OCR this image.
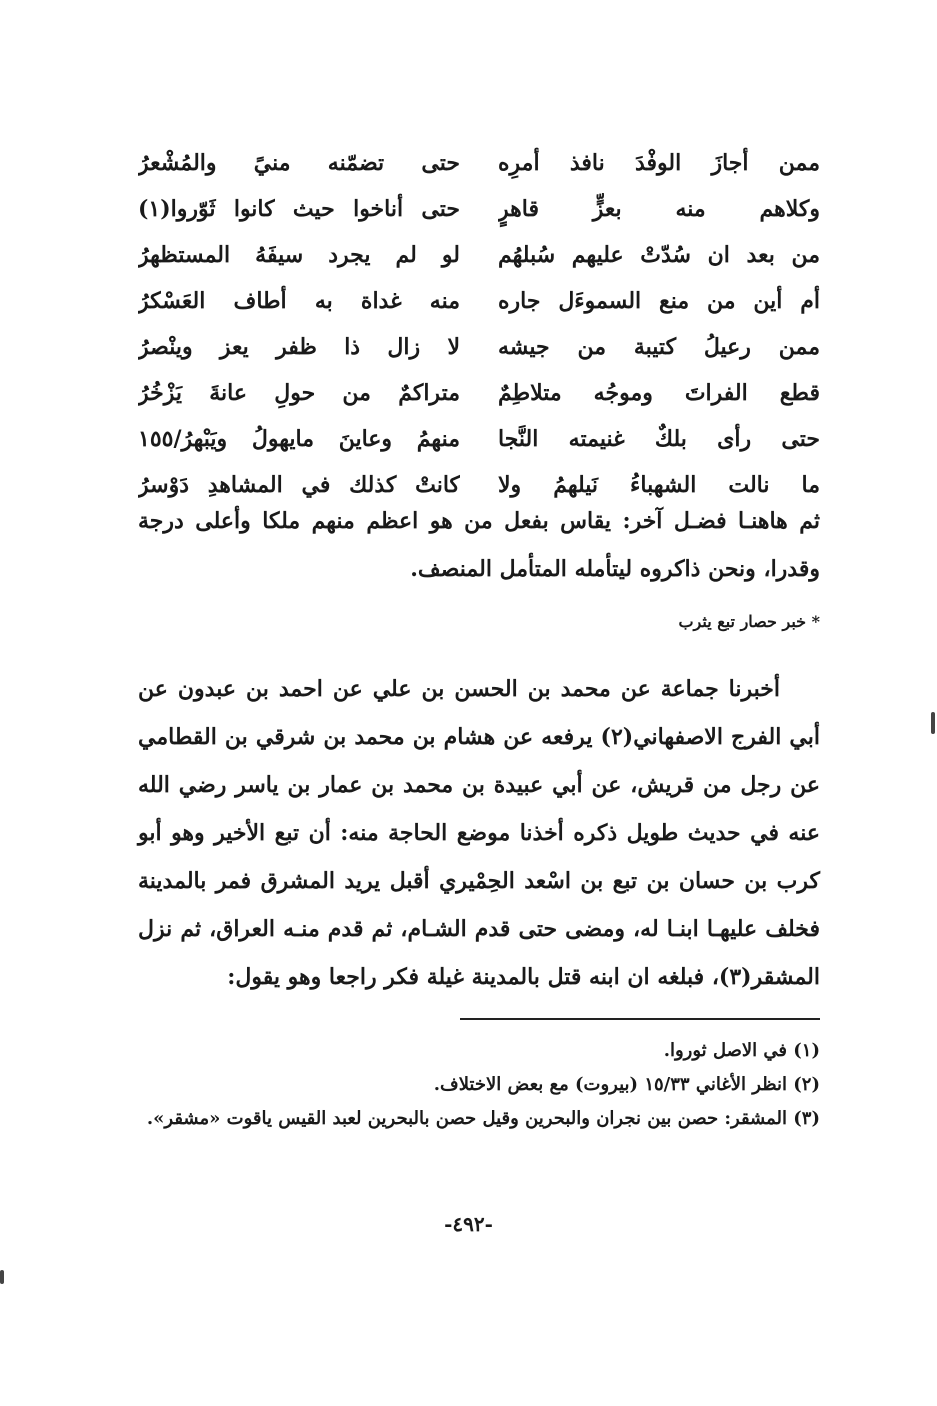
ممن أجازَ الوفْدَ نافذ أمرِه
حتى تضمّنه منيً والمُشْعرُ
وكلاهم منه بعزٍّ قاهرٍ
حتى أناخوا حيث كانوا ثَوّروا(١)
من بعد ان سُدّتْ عليهم سُبلهُم
لو لم يجرد سيفَهُ المستظهرُ
أم أين من منع السموءَل جاره
منه غداة به أطاف العَسْكرُ
ممن رعيلُ كتيبة من جيشه
لا زال ذا ظفر يعز وينْصرُ
قطع الفراتَ وموجُه متلاطِمٌ
متراكمٌ من حولِ عانةَ يَزْخُرُ
حتى رأى بلكٌ غنيمته النَّجا
منهمُ وعاينَ مايهولُ ويَبْهرُ/١٥٥
ما نالت الشهباءُ نَيلهمُ ولا
كانتْ كذلك في المشاهدِ دَوْسرُ
ثم هاهنـا فضـل آخر: يقاس بفعل من هو اعظم منهم ملكا وأعلى درجة وقدرا، ونحن ذاكروه ليتأمله المتأمل المنصف.
* خبر حصار تبع يثرب
أخبرنا جماعة عن محمد بن الحسن بن علي عن احمد بن عبدون عن أبي الفرج الاصفهاني(٢) يرفعه عن هشام بن محمد بن شرقي بن القطامي عن رجل من قريش، عن أبي عبيدة بن محمد بن عمار بن ياسر رضي الله عنه في حديث طويل ذكره أخذنا موضع الحاجة منه: أن تبع الأخير وهو أبو كرب بن حسان بن تبع بن اسْعد الحِمْيري أقبل يريد المشرق فمر بالمدينة فخلف عليهـا ابنـا له، ومضى حتى قدم الشـام، ثم قدم منـه العراق، ثم نزل المشقر(٣)، فبلغه ان ابنه قتل بالمدينة غيلة فكر راجعا وهو يقول:
(١) في الاصل ثوروا.
(٢) انظر الأغاني ١٥/٣٣ (بيروت) مع بعض الاختلاف.
(٣) المشقر: حصن بين نجران والبحرين وقيل حصن بالبحرين لعبد القيس ياقوت «مشقر».
-٤٩٢-
